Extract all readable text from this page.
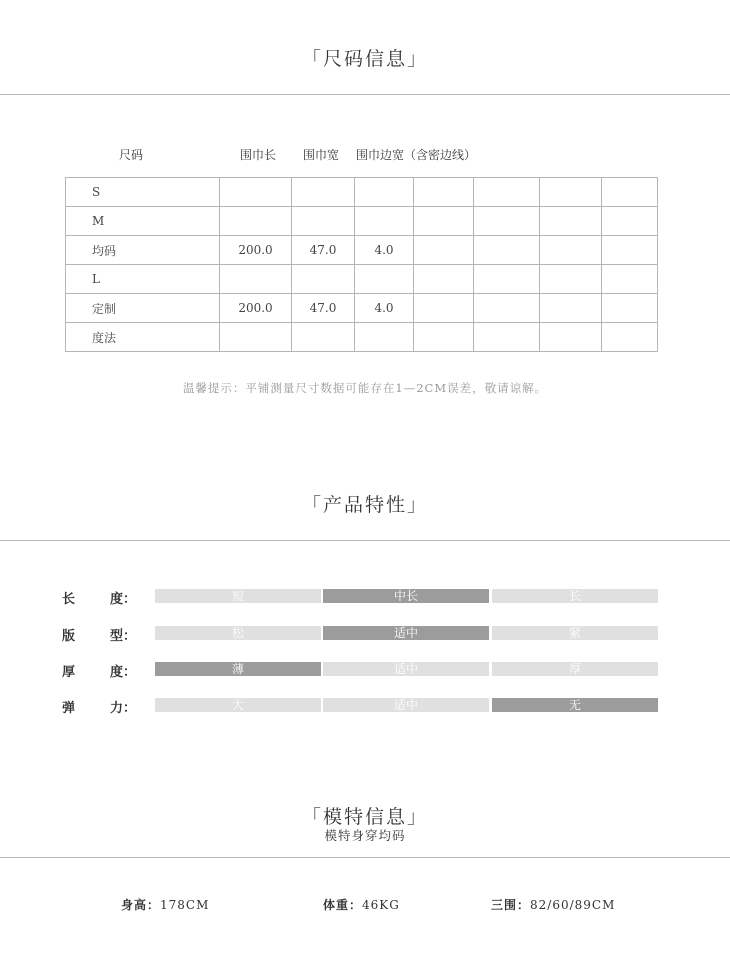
「尺码信息」
尺码	围巾长 围巾宽 围巾边宽（含密边线）
S							
M							
均码	200.0	47.0	4.0				
L							
定制	200.0	47.0	4.0				
度法							
温馨提示：平铺测量尺寸数据可能存在1—2CM误差，敬请谅解。
「产品特性」
长	度：	短	中长	长
版	型：	松	适中	紧
厚	度：	薄	适中	厚
弹	力：	大	适中	无
「模特信息」
模特身穿均码
身高：178CM	体重：46KG	三围：82/60/89CM
